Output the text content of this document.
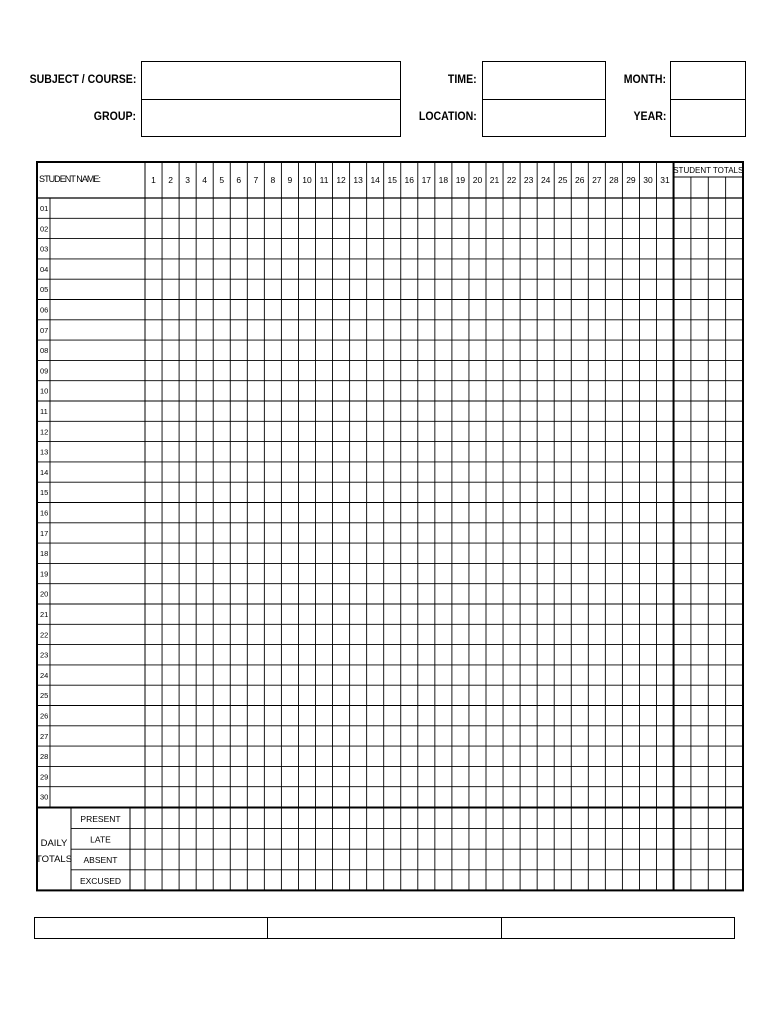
SUBJECT / COURSE:
GROUP:
TIME:
LOCATION:
MONTH:
YEAR:
STUDENT NAME:	1 2 3 4 5 6 7 8 9 10 11 12 13 14 15 16 17 18 19 20 21 22 23 24 25 26 27 28 29 30 31
STUDENT TOTALS
01
02
03
04
05
06
07
08
09
10
11
12
13
14
15
16
17
18
19
20
21
22
23
24
25
26
27
28
29
30
PRESENT
LATE
ABSENT
EXCUSED
DAILY
TOTALS
